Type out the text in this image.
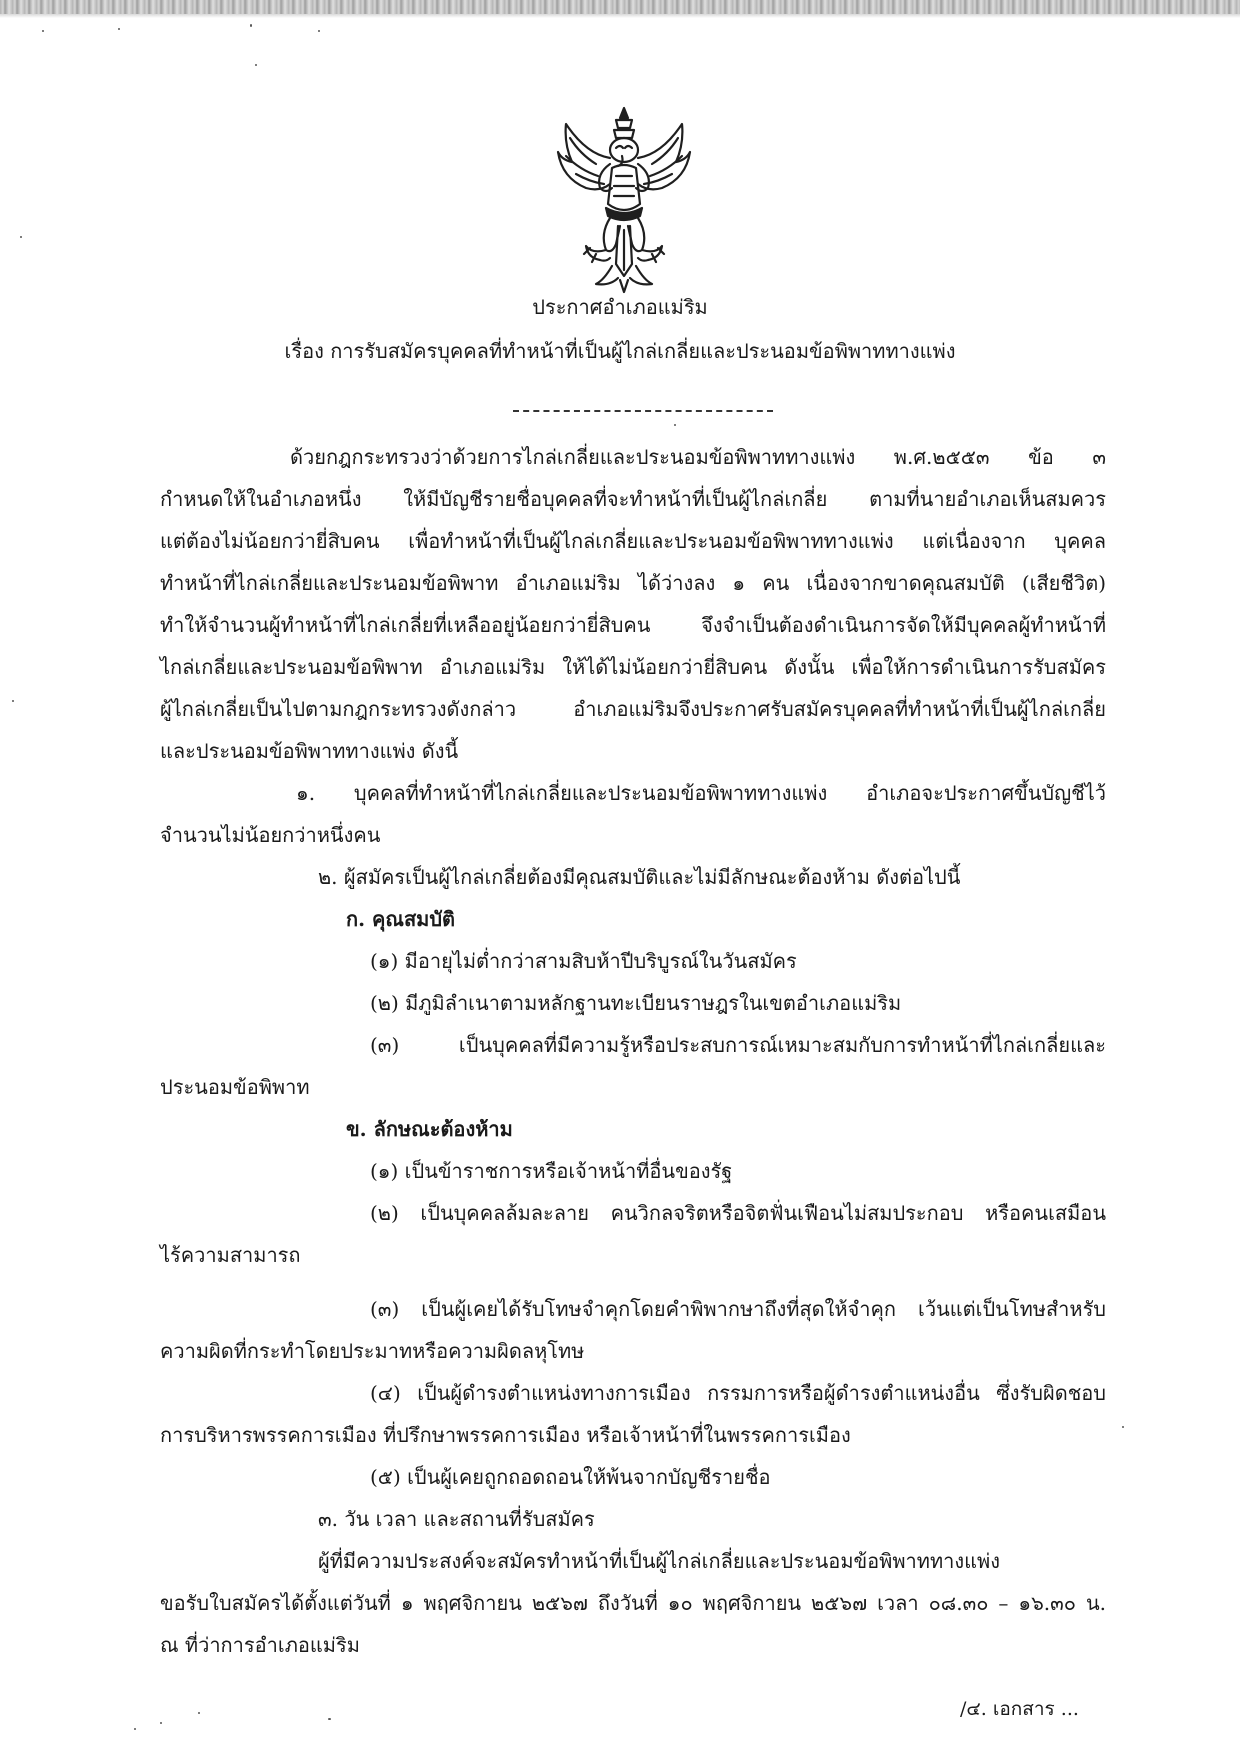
ประกาศอำเภอแม่ริม
เรื่อง การรับสมัครบุคคลที่ทำหน้าที่เป็นผู้ไกล่เกลี่ยและประนอมข้อพิพาททางแพ่ง
ด้วยกฎกระทรวงว่าด้วยการไกล่เกลี่ยและประนอมข้อพิพาททางแพ่ง พ.ศ.๒๕๕๓ ข้อ ๓
กำหนดให้ในอำเภอหนึ่ง ให้มีบัญชีรายชื่อบุคคลที่จะทำหน้าที่เป็นผู้ไกล่เกลี่ย ตามที่นายอำเภอเห็นสมควร
แต่ต้องไม่น้อยกว่ายี่สิบคน เพื่อทำหน้าที่เป็นผู้ไกล่เกลี่ยและประนอมข้อพิพาททางแพ่ง แต่เนื่องจาก บุคคล
ทำหน้าที่ไกล่เกลี่ยและประนอมข้อพิพาท อำเภอแม่ริม ได้ว่างลง ๑ คน เนื่องจากขาดคุณสมบัติ (เสียชีวิต)
ทำให้จำนวนผู้ทำหน้าที่ไกล่เกลี่ยที่เหลืออยู่น้อยกว่ายี่สิบคน จึงจำเป็นต้องดำเนินการจัดให้มีบุคคลผู้ทำหน้าที่
ไกล่เกลี่ยและประนอมข้อพิพาท อำเภอแม่ริม ให้ได้ไม่น้อยกว่ายี่สิบคน ดังนั้น เพื่อให้การดำเนินการรับสมัคร
ผู้ไกล่เกลี่ยเป็นไปตามกฎกระทรวงดังกล่าว อำเภอแม่ริมจึงประกาศรับสมัครบุคคลที่ทำหน้าที่เป็นผู้ไกล่เกลี่ย
และประนอมข้อพิพาททางแพ่ง ดังนี้
๑. บุคคลที่ทำหน้าที่ไกล่เกลี่ยและประนอมข้อพิพาททางแพ่ง อำเภอจะประกาศขึ้นบัญชีไว้
จำนวนไม่น้อยกว่าหนึ่งคน
๒. ผู้สมัครเป็นผู้ไกล่เกลี่ยต้องมีคุณสมบัติและไม่มีลักษณะต้องห้าม ดังต่อไปนี้
ก. คุณสมบัติ
(๑) มีอายุไม่ต่ำกว่าสามสิบห้าปีบริบูรณ์ในวันสมัคร
(๒) มีภูมิลำเนาตามหลักฐานทะเบียนราษฎรในเขตอำเภอแม่ริม
(๓) เป็นบุคคลที่มีความรู้หรือประสบการณ์เหมาะสมกับการทำหน้าที่ไกล่เกลี่ยและ
ประนอมข้อพิพาท
ข. ลักษณะต้องห้าม
(๑) เป็นข้าราชการหรือเจ้าหน้าที่อื่นของรัฐ
(๒) เป็นบุคคลล้มละลาย คนวิกลจริตหรือจิตฟั่นเฟือนไม่สมประกอบ หรือคนเสมือน
ไร้ความสามารถ
(๓) เป็นผู้เคยได้รับโทษจำคุกโดยคำพิพากษาถึงที่สุดให้จำคุก เว้นแต่เป็นโทษสำหรับ
ความผิดที่กระทำโดยประมาทหรือความผิดลหุโทษ
(๔) เป็นผู้ดำรงตำแหน่งทางการเมือง กรรมการหรือผู้ดำรงตำแหน่งอื่น ซึ่งรับผิดชอบ
การบริหารพรรคการเมือง ที่ปรึกษาพรรคการเมือง หรือเจ้าหน้าที่ในพรรคการเมือง
(๕) เป็นผู้เคยถูกถอดถอนให้พ้นจากบัญชีรายชื่อ
๓. วัน เวลา และสถานที่รับสมัคร
ผู้ที่มีความประสงค์จะสมัครทำหน้าที่เป็นผู้ไกล่เกลี่ยและประนอมข้อพิพาททางแพ่ง
ขอรับใบสมัครได้ตั้งแต่วันที่ ๑ พฤศจิกายน ๒๕๖๗ ถึงวันที่ ๑๐ พฤศจิกายน ๒๕๖๗ เวลา ๐๘.๓๐ – ๑๖.๓๐ น.
ณ ที่ว่าการอำเภอแม่ริม
/๔. เอกสาร ...
